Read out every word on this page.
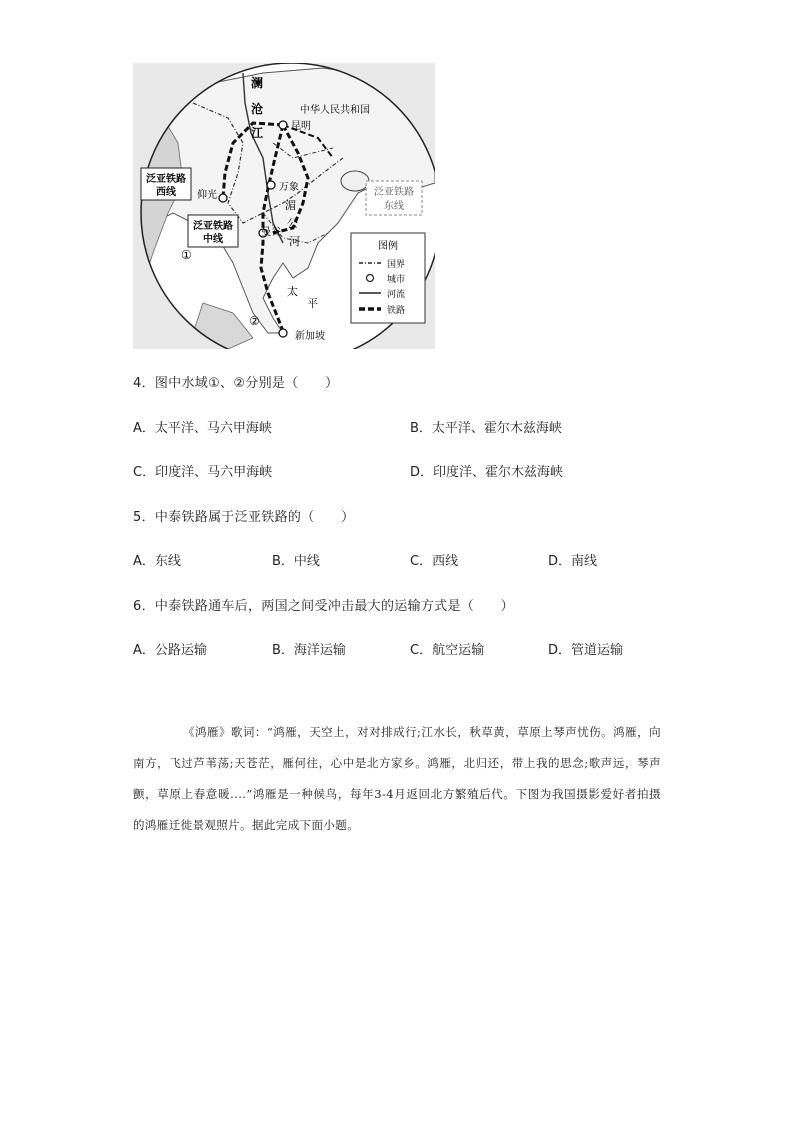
澜
沧
江
中华人民共和国
昆明
泛亚铁路
西线 仰光	泛亚铁路
东线
泛亚铁路
中线
万象
湄
公
河
曼谷
①
②
太
平
新加坡
图例
国界
城市
河流
铁路
4．图中水域①、②分别是（　　）
A．太平洋、马六甲海峡	B．太平洋、霍尔木兹海峡
C．印度洋、马六甲海峡	D．印度洋、霍尔木兹海峡
5．中泰铁路属于泛亚铁路的（　　）
A．东线	B．中线	C．西线	D．南线
6．中泰铁路通车后，两国之间受冲击最大的运输方式是（　　）
A．公路运输	B．海洋运输	C．航空运输	D．管道运输
《鸿雁》歌词：“鸿雁，天空上，对对排成行;江水长，秋草黄，草原上琴声忧伤。鸿雁，向南方，飞过芦苇荡;天苍茫，雁何往，心中是北方家乡。鸿雁，北归还，带上我的思念;歌声远，琴声颤，草原上春意暖....”鸿雁是一种候鸟，每年3-4月返回北方繁殖后代。下图为我国摄影爱好者拍摄的鸿雁迁徙景观照片。据此完成下面小题。
